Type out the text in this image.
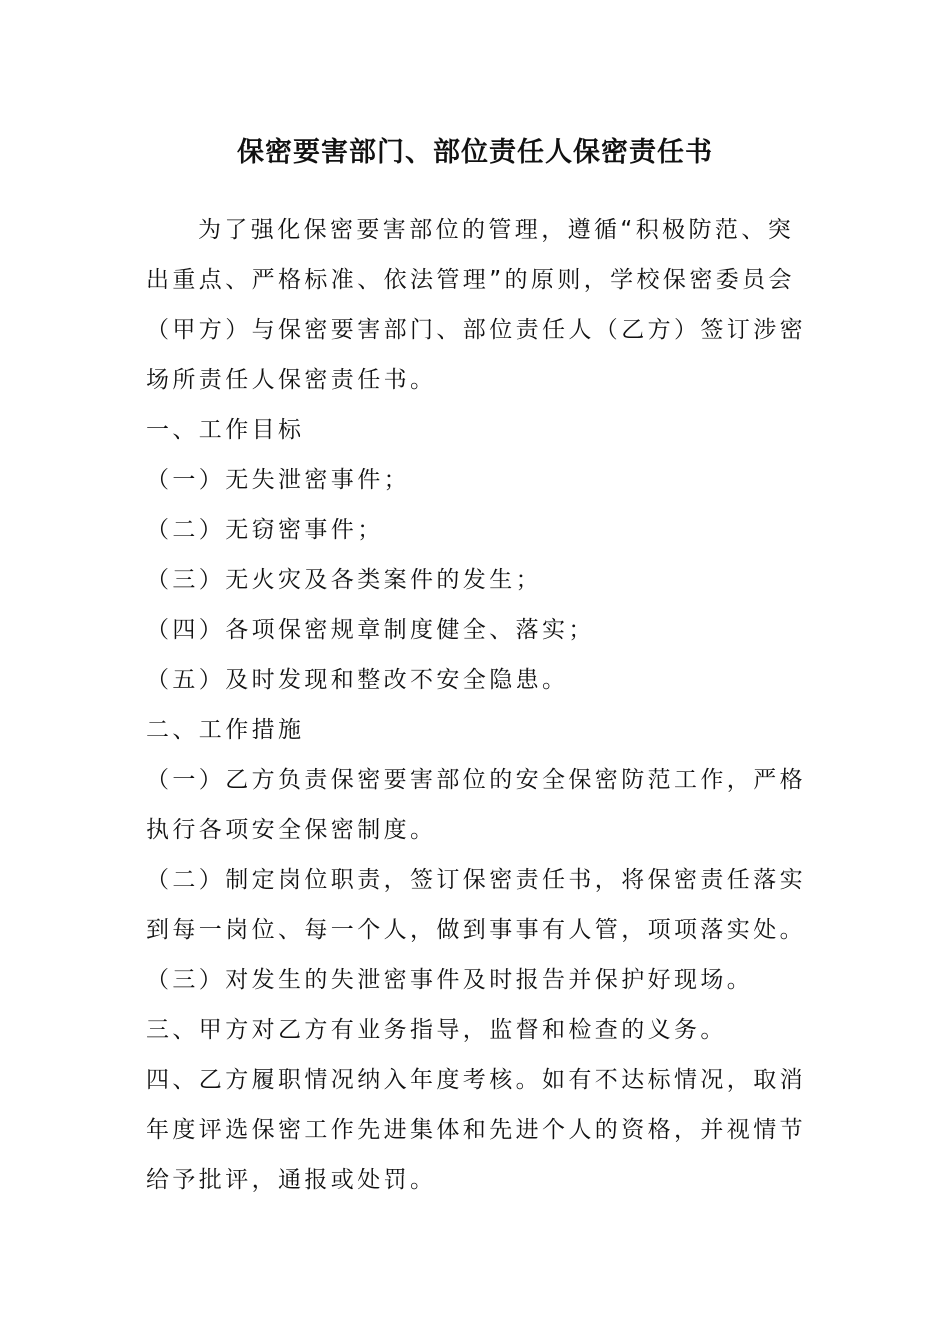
保密要害部门、部位责任人保密责任书
为了强化保密要害部位的管理，遵循“积极防范、突
出重点、严格标准、依法管理”的原则，学校保密委员会
（甲方）与保密要害部门、部位责任人（乙方）签订涉密
场所责任人保密责任书。
一、工作目标
（一）无失泄密事件；
（二）无窃密事件；
（三）无火灾及各类案件的发生；
（四）各项保密规章制度健全、落实；
（五）及时发现和整改不安全隐患。
二、工作措施
（一）乙方负责保密要害部位的安全保密防范工作，严格
执行各项安全保密制度。
（二）制定岗位职责，签订保密责任书，将保密责任落实
到每一岗位、每一个人，做到事事有人管，项项落实处。
（三）对发生的失泄密事件及时报告并保护好现场。
三、甲方对乙方有业务指导，监督和检查的义务。
四、乙方履职情况纳入年度考核。如有不达标情况，取消
年度评选保密工作先进集体和先进个人的资格，并视情节
给予批评，通报或处罚。
